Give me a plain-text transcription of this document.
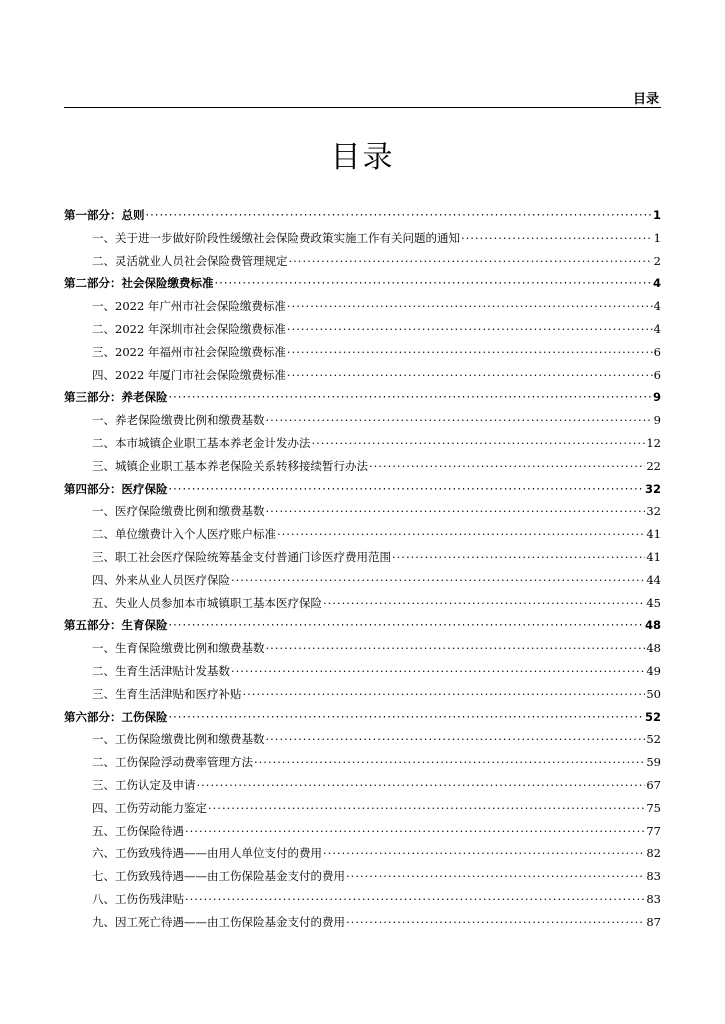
目录
目录
第一部分：总则 ·····	1
一、关于进一步做好阶段性缓缴社会保险费政策实施工作有关问题的通知 ·····	1
二、灵活就业人员社会保险费管理规定 ·····	2
第二部分：社会保险缴费标准 ·····	4
一、2022 年广州市社会保险缴费标准 ·····	4
二、2022 年深圳市社会保险缴费标准 ·····	4
三、2022 年福州市社会保险缴费标准 ·····	6
四、2022 年厦门市社会保险缴费标准 ·····	6
第三部分：养老保险 ·····	9
一、养老保险缴费比例和缴费基数 ·····	9
二、本市城镇企业职工基本养老金计发办法 ·····	12
三、城镇企业职工基本养老保险关系转移接续暂行办法 ·····	22
第四部分：医疗保险 ·····	32
一、医疗保险缴费比例和缴费基数 ·····	32
二、单位缴费计入个人医疗账户标准 ·····	41
三、职工社会医疗保险统筹基金支付普通门诊医疗费用范围 ·····	41
四、外来从业人员医疗保险 ·····	44
五、失业人员参加本市城镇职工基本医疗保险 ·····	45
第五部分：生育保险 ·····	48
一、生育保险缴费比例和缴费基数 ·····	48
二、生育生活津贴计发基数 ·····	49
三、生育生活津贴和医疗补贴 ·····	50
第六部分：工伤保险 ·····	52
一、工伤保险缴费比例和缴费基数 ·····	52
二、工伤保险浮动费率管理方法 ·····	59
三、工伤认定及申请 ·····	67
四、工伤劳动能力鉴定 ·····	75
五、工伤保险待遇 ·····	77
六、工伤致残待遇——由用人单位支付的费用 ·····	82
七、工伤致残待遇——由工伤保险基金支付的费用 ·····	83
八、工伤伤残津贴 ·····	83
九、因工死亡待遇——由工伤保险基金支付的费用 ·····	87
